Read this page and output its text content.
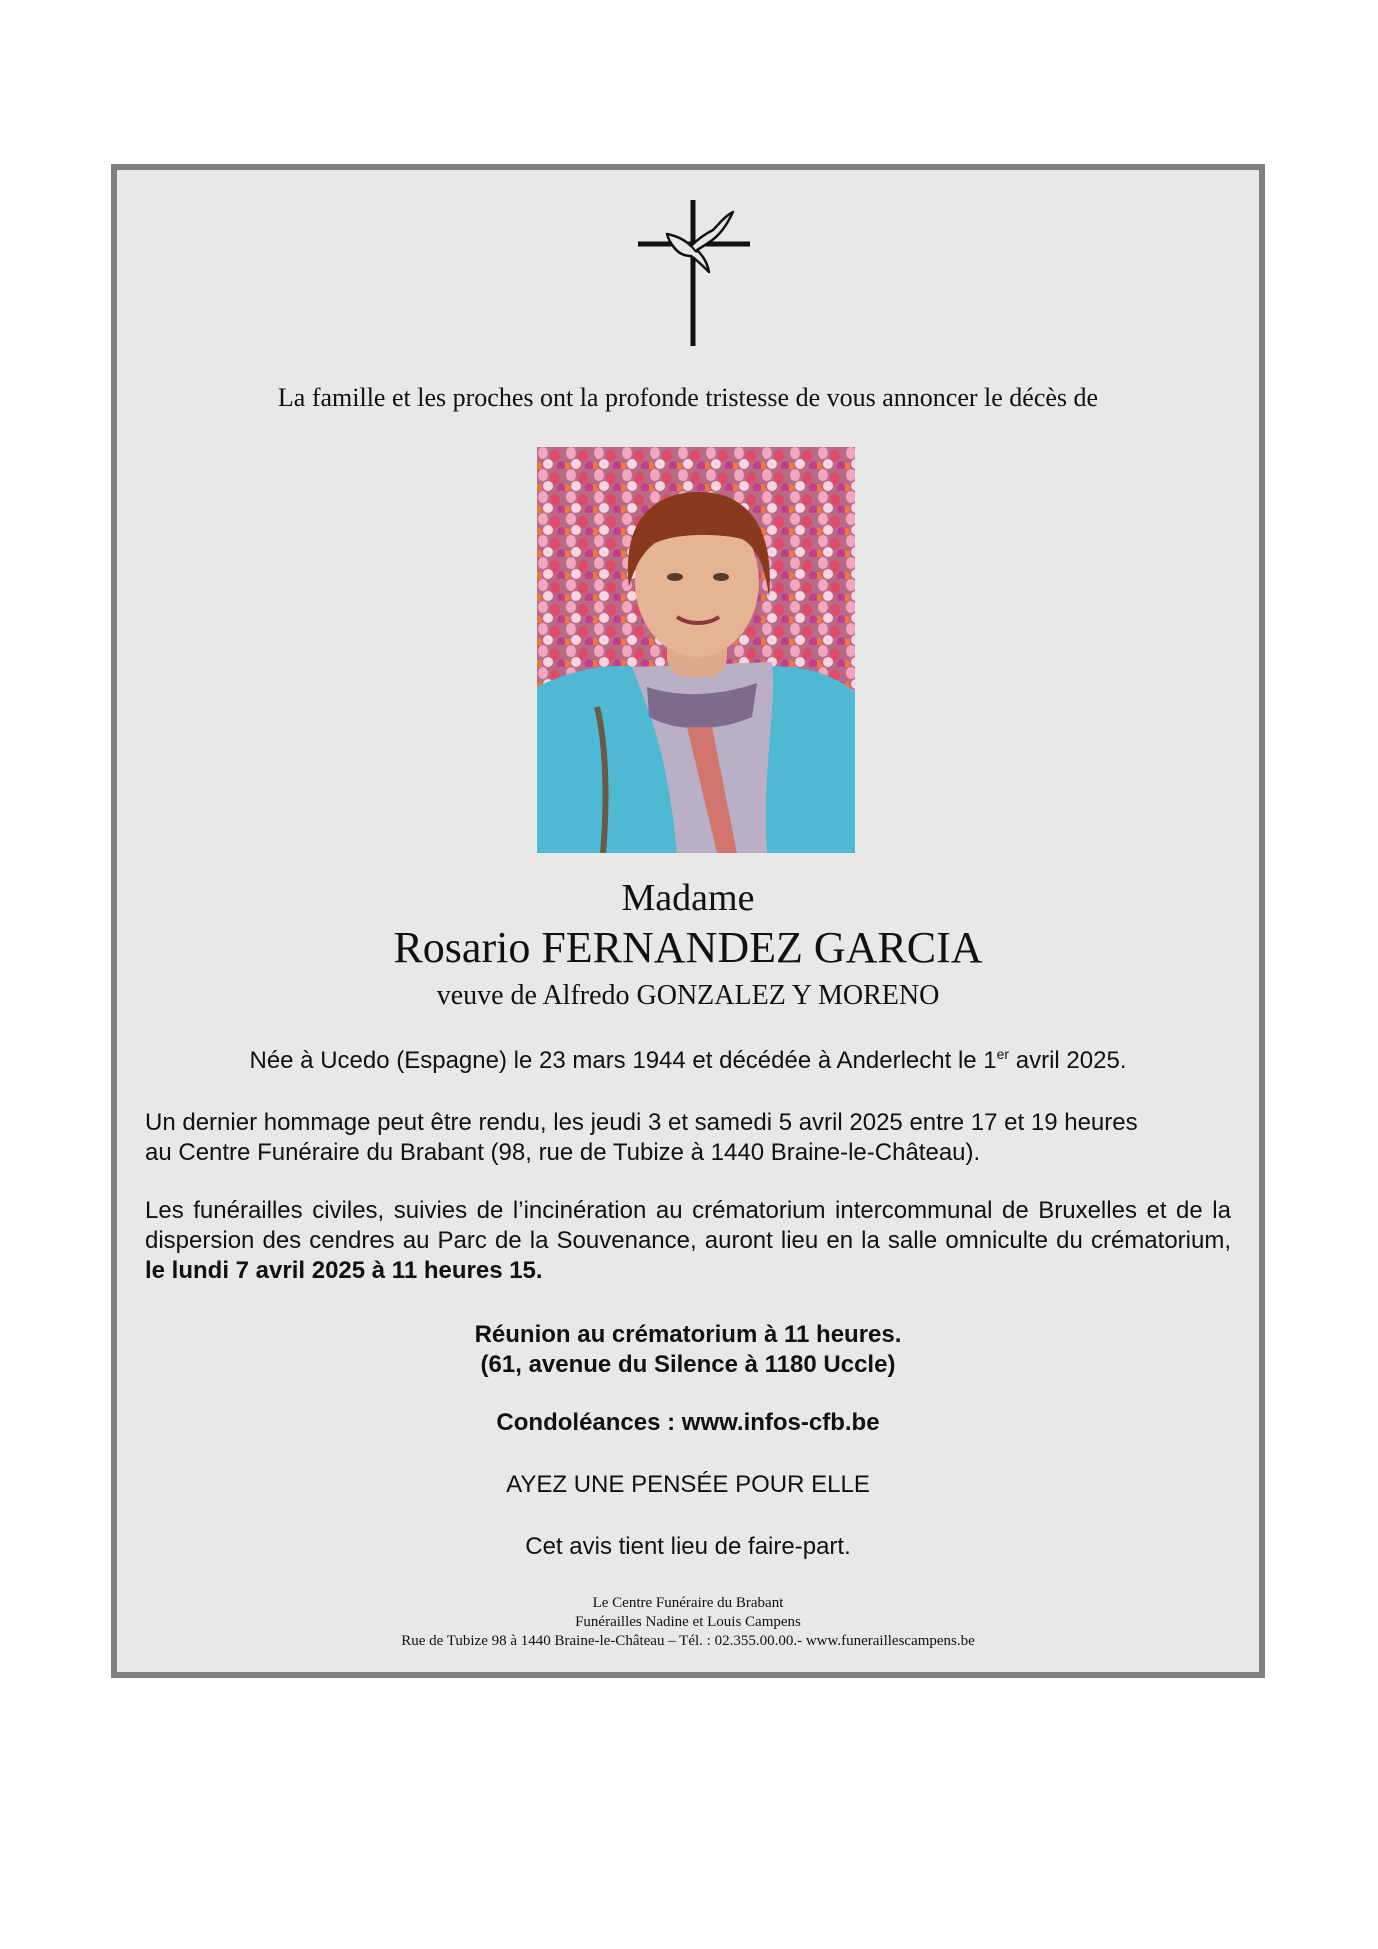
La famille et les proches ont la profonde tristesse de vous annoncer le décès de

Madame

Rosario FERNANDEZ GARCIA

veuve de Alfredo GONZALEZ Y MORENO

Née à Ucedo (Espagne) le 23 mars 1944 et décédée à Anderlecht le 1er avril 2025.

Un dernier hommage peut être rendu, les jeudi 3 et samedi 5 avril 2025 entre 17 et 19 heures
au Centre Funéraire du Brabant (98, rue de Tubize à 1440 Braine-le-Château).

Les funérailles civiles, suivies de l’incinération au crématorium intercommunal de Bruxelles et de la dispersion des cendres au Parc de la Souvenance, auront lieu en la salle omniculte du crématorium, le lundi 7 avril 2025 à 11 heures 15.

Réunion au crématorium à 11 heures.
(61, avenue du Silence à 1180 Uccle)

Condoléances : www.infos-cfb.be

AYEZ UNE PENSÉE POUR ELLE

Cet avis tient lieu de faire-part.

Le Centre Funéraire du Brabant
Funérailles Nadine et Louis Campens
Rue de Tubize 98 à 1440 Braine-le-Château – Tél. : 02.355.00.00.- www.funeraillescampens.be
